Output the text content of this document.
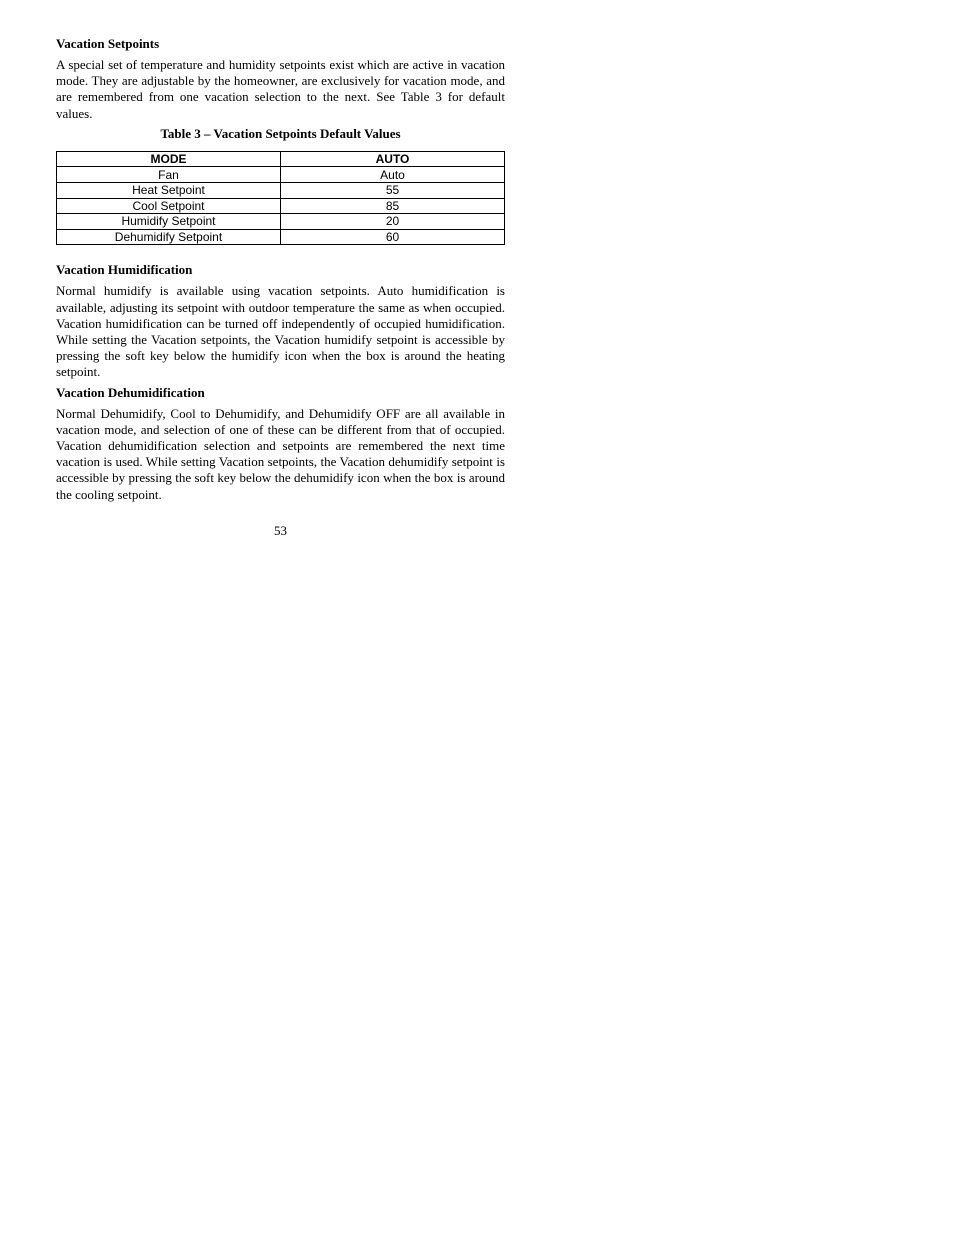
Vacation Setpoints

A special set of temperature and humidity setpoints exist which are active in vacation mode. They are adjustable by the homeowner, are exclusively for vacation mode, and are remembered from one vacation selection to the next. See Table 3 for default values.

Table 3 – Vacation Setpoints Default Values
MODE	AUTO
Fan	Auto
Heat Setpoint	55
Cool Setpoint	85
Humidify Setpoint	20
Dehumidify Setpoint	60
Vacation Humidification

Normal humidify is available using vacation setpoints. Auto humidification is available, adjusting its setpoint with outdoor temperature the same as when occupied. Vacation humidification can be turned off independently of occupied humidification. While setting the Vacation setpoints, the Vacation humidify setpoint is accessible by pressing the soft key below the humidify icon when the box is around the heating setpoint.

Vacation Dehumidification

Normal Dehumidify, Cool to Dehumidify, and Dehumidify OFF are all available in vacation mode, and selection of one of these can be different from that of occupied. Vacation dehumidification selection and setpoints are remembered the next time vacation is used. While setting Vacation setpoints, the Vacation dehumidify setpoint is accessible by pressing the soft key below the dehumidify icon when the box is around the cooling setpoint.

53
